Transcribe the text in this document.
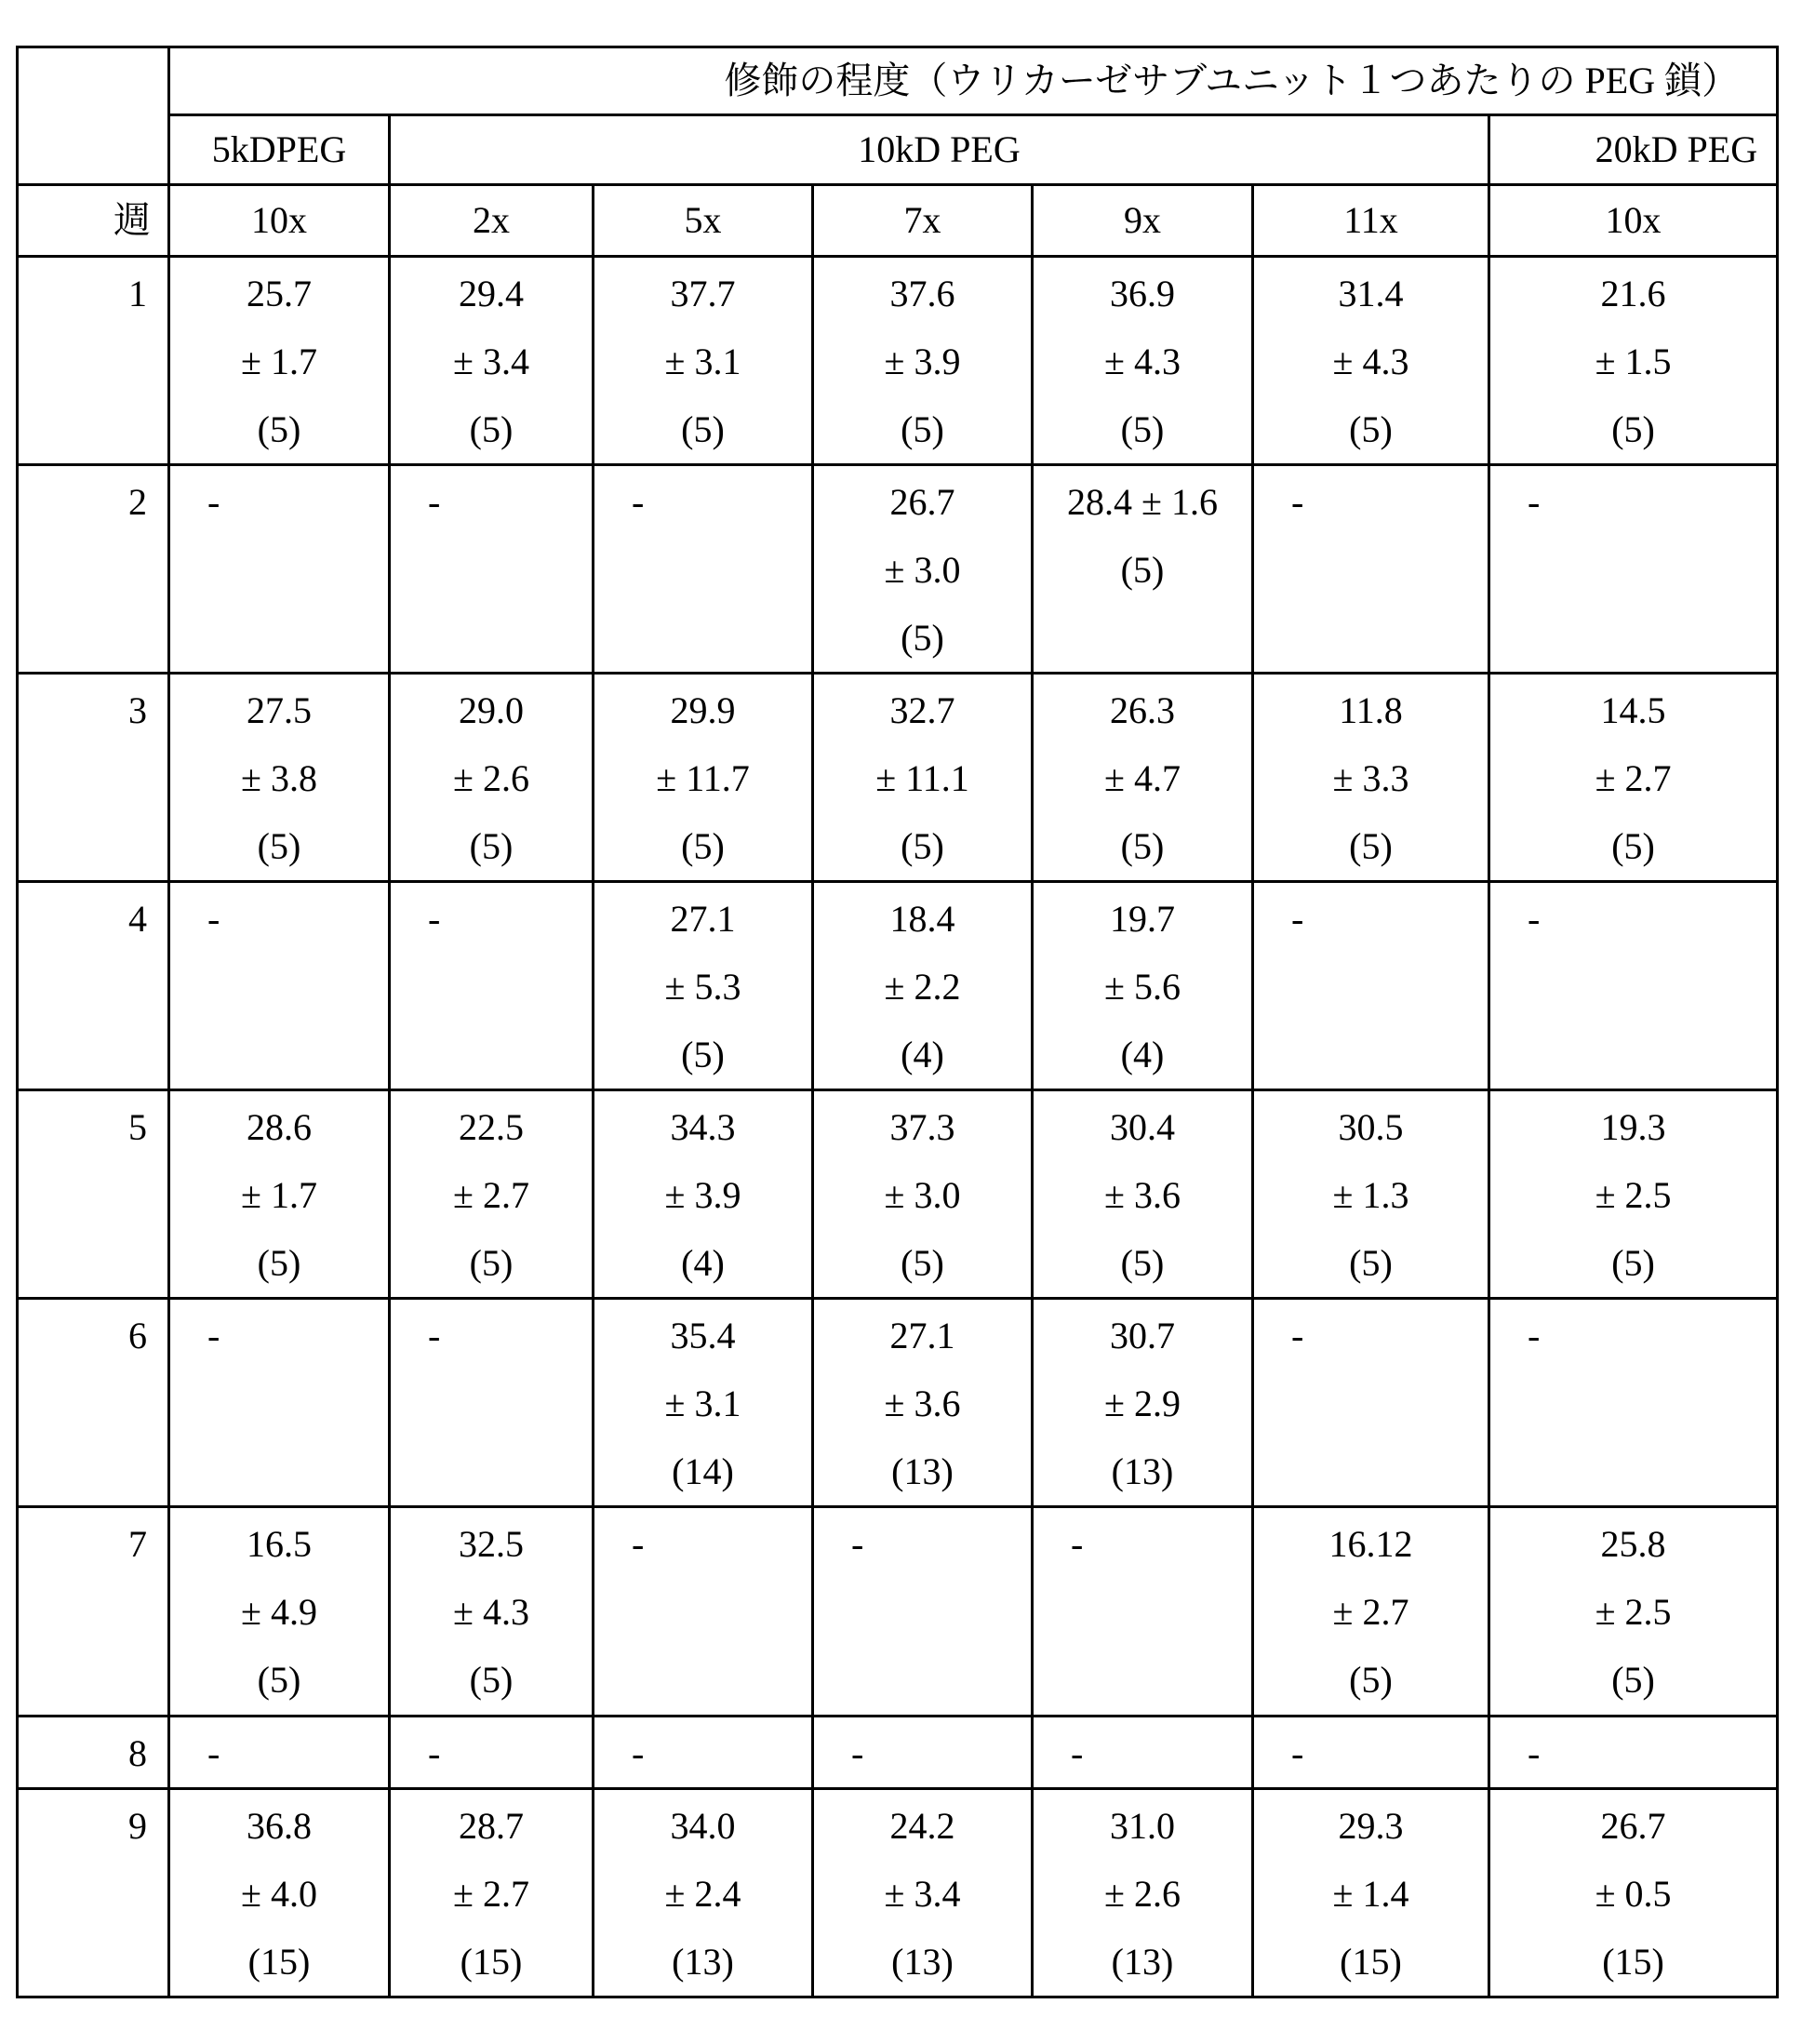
	修飾の程度（ウリカーゼサブユニット１つあたりの PEG 鎖）
5kDPEG	10kD PEG	20kD PEG
週	10x	2x	5x	7x	9x	11x	10x
1	25.7
± 1.7
(5)

29.4
± 3.4
(5)

37.7
± 3.1
(5)

37.6
± 3.9
(5)

36.9
± 4.3
(5)

31.4
± 4.3
(5)

21.6
± 1.5
(5)

2	-	-	-	26.7
± 3.0
(5)

28.4 ± 1.6
(5)

-	-

3	27.5
± 3.8
(5)

29.0
± 2.6
(5)

29.9
± 11.7
(5)

32.7
± 11.1
(5)

26.3
± 4.7
(5)

11.8
± 3.3
(5)

14.5
± 2.7
(5)

4	-	-	27.1
± 5.3
(5)

18.4
± 2.2
(4)

19.7
± 5.6
(4)

-	-

5	28.6
± 1.7
(5)

22.5
± 2.7
(5)

34.3
± 3.9
(4)

37.3
± 3.0
(5)

30.4
± 3.6
(5)

30.5
± 1.3
(5)

19.3
± 2.5
(5)

6	-	-	35.4
± 3.1
(14)

27.1
± 3.6
(13)

30.7
± 2.9
(13)

-	-

7	16.5
± 4.9
(5)

32.5
± 4.3
(5)

-	-	-	16.12
± 2.7
(5)

25.8
± 2.5
(5)

8	-	-	-	-	-	-	-

9	36.8
± 4.0
(15)

28.7
± 2.7
(15)

34.0
± 2.4
(13)

24.2
± 3.4
(13)

31.0
± 2.6
(13)

29.3
± 1.4
(15)

26.7
± 0.5
(15)
